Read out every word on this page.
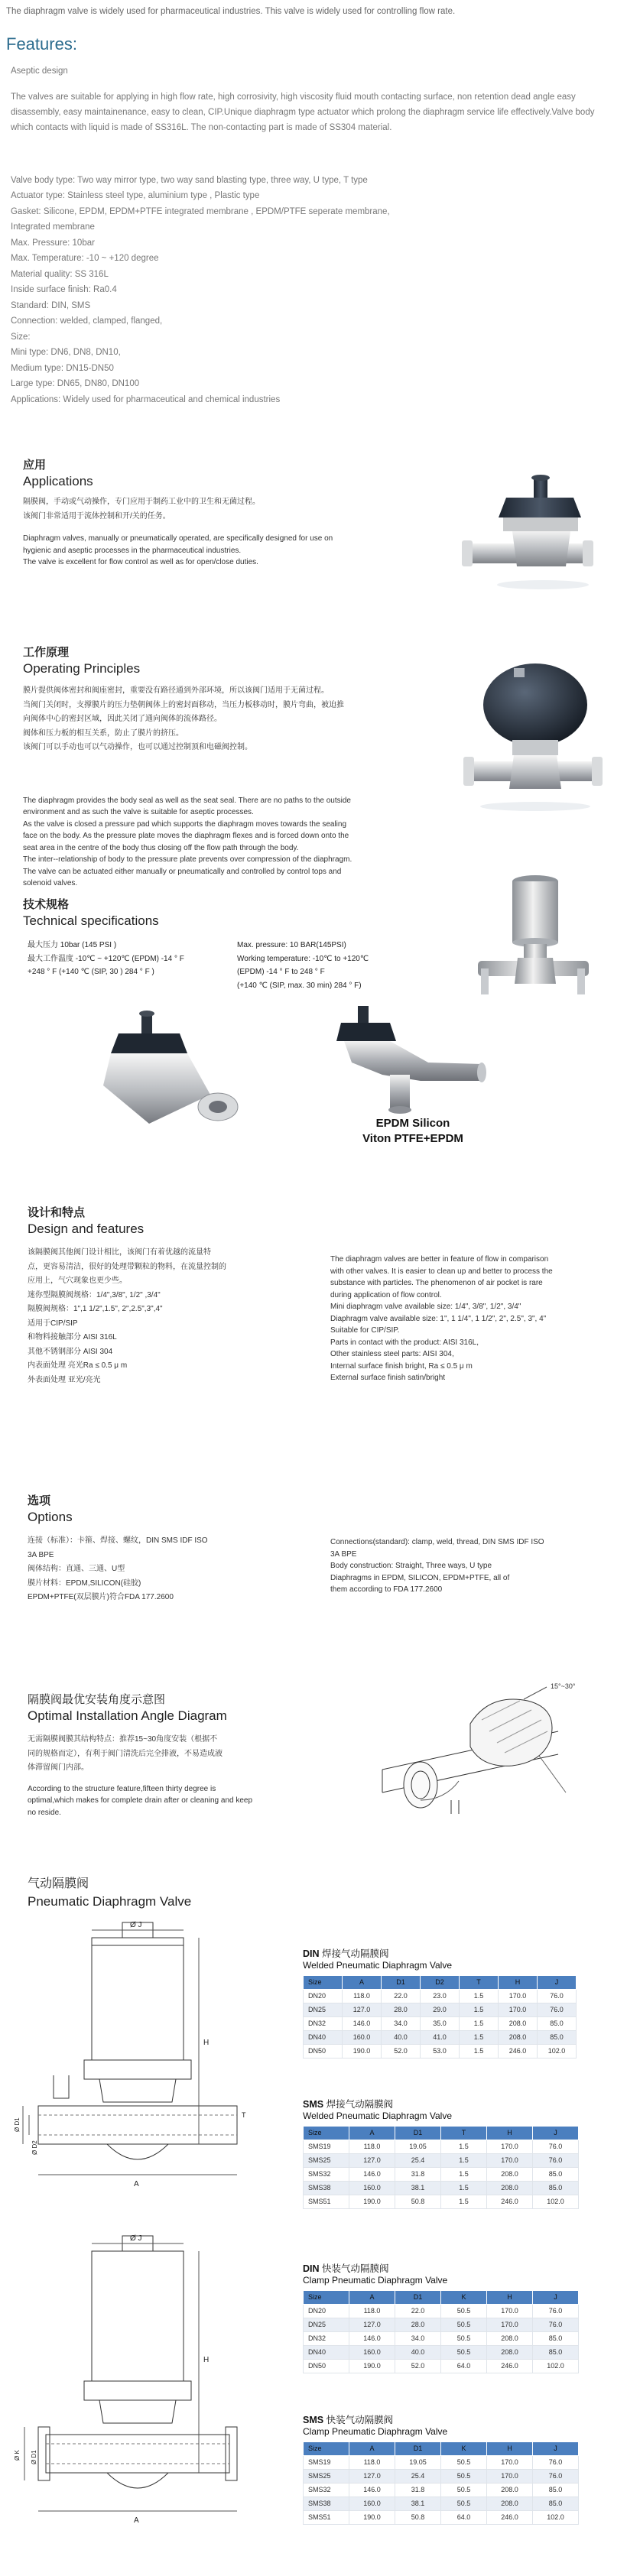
The diaphragm valve is widely used for pharmaceutical industries. This valve is widely used for controlling flow rate.
Features:
Aseptic design
The valves are suitable for applying in high flow rate, high corrosivity, high viscosity fluid mouth contacting surface, non retention dead angle easy disassembly, easy maintainenance, easy to clean, CIP.Unique diaphragm type actuator which prolong the diaphragm service life effectively.Valve body which contacts with liquid is made of SS316L. The non-contacting part is made of SS304 material.
Valve body type: Two way mirror type, two way sand blasting type, three way, U type, T type
Actuator type: Stainless steel type, aluminium type , Plastic type
Gasket: Silicone, EPDM, EPDM+PTFE integrated membrane , EPDM/PTFE seperate membrane,
Integrated membrane
Max. Pressure: 10bar
Max. Temperature: -10 ~ +120 degree
Material quality: SS 316L
Inside surface finish: Ra0.4
Standard: DIN, SMS
Connection: welded, clamped, flanged,
Size:
Mini type: DN6, DN8, DN10,
Medium type: DN15-DN50
Large type: DN65, DN80, DN100
Applications: Widely used for pharmaceutical and chemical industries
应用
Applications
隔膜阀，手动或气动操作，专门应用于制药工业中的卫生和无菌过程。
该阀门非常适用于流体控制和开/关的任务。
Diaphragm valves, manually or pneumatically operated, are specifically designed for use on
hygienic and aseptic processes in the pharmaceutical industries.
The valve is excellent for flow control as well as for open/close duties.
工作原理
Operating Principles
膜片提供阀体密封和阀座密封，重要没有路径通到外部环境，所以该阀门适用于无菌过程。
当阀门关闭时，支撑膜片的压力垫朝阀体上的密封面移动，当压力板移动时，膜片弯曲，被迫推
向阀体中心的密封区域，因此关闭了通向阀体的流体路径。
阀体和压力板的相互关系，防止了膜片的挤压。
该阀门可以手动也可以气动操作，也可以通过控制顶和电磁阀控制。
The diaphragm provides the body seal as well as the seat seal. There are no paths to the outside
environment and as such the valve is suitable for aseptic processes.
As the valve is closed a pressure pad which supports the diaphragm moves towards the sealing
face on the body. As the pressure plate moves the diaphragm flexes and is forced down onto the
seat area in the centre of the body thus closing off the flow path through the body.
The inter--relationship of body to the pressure plate prevents over compression of the diaphragm.
The valve can be actuated either manually or pneumatically and controlled by control tops and
solenoid valves.
技术规格
Technical specifications
最大压力 10bar (145 PSI )
最大工作温度 -10℃ ~ +120℃ (EPDM) -14 ° F
+248 ° F (+140 ℃ (SIP, 30 ) 284 ° F )
Max. pressure: 10 BAR(145PSI)
Working temperature: -10℃ to +120℃
(EPDM) -14 ° F to 248 ° F
(+140 ℃ (SIP, max. 30 min) 284 ° F)
EPDM Silicon
Viton PTFE+EPDM
设计和特点
Design and features
该隔膜阀其他阀门设计相比，该阀门有着优越的流量特
点，更容易清洁，很好的处理带颗粒的物料，在流量控制的
应用上，气穴现象也更少些。
迷你型隔膜阀规格：1/4",3/8", 1/2" ,3/4"
隔膜阀规格：1",1 1/2",1.5", 2",2.5",3",4"
适用于CIP/SIP
和物料接触部分 AISI 316L
其他不锈钢部分 AISI 304
内表面处理 亮光Ra ≤ 0.5 μ m
外表面处理 亚光/亮光
The diaphragm valves are better in feature of flow in comparison
with other valves. It is easier to clean up and better to process the
substance with particles. The phenomenon of air pocket is rare
during application of flow control.
Mini diaphragm valve available size: 1/4", 3/8", 1/2", 3/4"
Diaphragm valve available size: 1", 1 1/4", 1 1/2", 2", 2.5", 3", 4"
Suitable for CIP/SIP.
Parts in contact with the product: AISI 316L,
Other stainless steel parts: AISI 304,
Internal surface finish bright, Ra ≤ 0.5 μ m
External surface finish satin/bright
选项
Options
连接（标准）：卡箍、焊接、螺纹，DIN SMS IDF ISO
3A BPE
阀体结构：直通、三通、U型
膜片材料：EPDM,SILICON(硅胶)
EPDM+PTFE(双层膜片)符合FDA 177.2600
Connections(standard): clamp, weld, thread, DIN SMS IDF ISO
3A BPE
Body construction: Straight, Three ways, U type
Diaphragms in EPDM, SILICON, EPDM+PTFE, all of
them according to FDA 177.2600
隔膜阀最优安装角度示意图
Optimal Installation Angle Diagram
无需隔膜阀膜其结构特点：推荐15~30角度安装（根据不
同的规格而定），有利于阀门清洗后完全排液，不易造成液
体滞留阀门内部。
According to the structure feature,fifteen thirty degree is
optimal,which makes for complete drain after or cleaning and keep
no reside.
15°~30°
气动隔膜阀
Pneumatic Diaphragm Valve
Ø J
H
A
Ø D1
Ø D2
T
Ø J
H
A
Ø K Ø D1
DIN 焊接气动隔膜阀
Welded Pneumatic Diaphragm Valve
Size	A	D1	D2	T	H	J
DN20	118.0	22.0	23.0	1.5	170.0	76.0
DN25	127.0	28.0	29.0	1.5	170.0	76.0
DN32	146.0	34.0	35.0	1.5	208.0	85.0
DN40	160.0	40.0	41.0	1.5	208.0	85.0
DN50	190.0	52.0	53.0	1.5	246.0	102.0
SMS 焊接气动隔膜阀
Welded Pneumatic Diaphragm Valve
Size	A	D1	T	H	J
SMS19	118.0	19.05	1.5	170.0	76.0
SMS25	127.0	25.4	1.5	170.0	76.0
SMS32	146.0	31.8	1.5	208.0	85.0
SMS38	160.0	38.1	1.5	208.0	85.0
SMS51	190.0	50.8	1.5	246.0	102.0
DIN 快装气动隔膜阀
Clamp Pneumatic Diaphragm Valve
Size	A	D1	K	H	J
DN20	118.0	22.0	50.5	170.0	76.0
DN25	127.0	28.0	50.5	170.0	76.0
DN32	146.0	34.0	50.5	208.0	85.0
DN40	160.0	40.0	50.5	208.0	85.0
DN50	190.0	52.0	64.0	246.0	102.0
SMS 快装气动隔膜阀
Clamp Pneumatic Diaphragm Valve
Size	A	D1	K	H	J
SMS19	118.0	19.05	50.5	170.0	76.0
SMS25	127.0	25.4	50.5	170.0	76.0
SMS32	146.0	31.8	50.5	208.0	85.0
SMS38	160.0	38.1	50.5	208.0	85.0
SMS51	190.0	50.8	64.0	246.0	102.0
